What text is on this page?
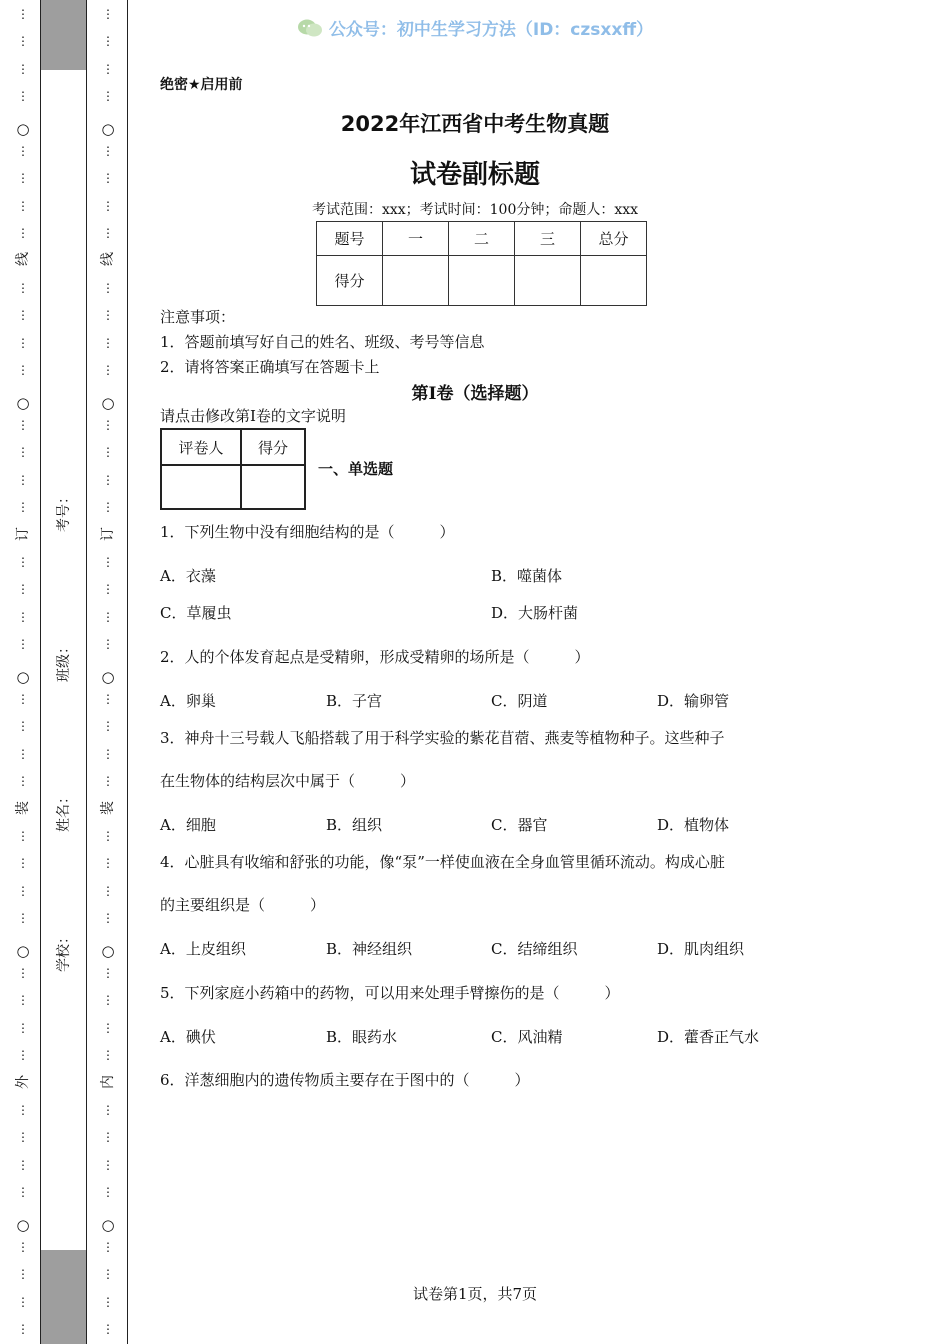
线
订
装
外
⋮
⋮
⋮
⋮
⋮
⋮
⋮
⋮
⋮
⋮
⋮
⋮
⋮
⋮
⋮
⋮
⋮
⋮
⋮
⋮
⋮
⋮
⋮
⋮
⋮
⋮
⋮
⋮
⋮
⋮
⋮
⋮
⋮
⋮
⋮
⋮
⋮
⋮
⋮
⋮
○
○
○
○
○
线
订
装
内
⋮
⋮
⋮
⋮
⋮
⋮
⋮
⋮
⋮
⋮
⋮
⋮
⋮
⋮
⋮
⋮
⋮
⋮
⋮
⋮
⋮
⋮
⋮
⋮
⋮
⋮
⋮
⋮
⋮
⋮
⋮
⋮
⋮
⋮
⋮
⋮
⋮
⋮
⋮
⋮
○
○
○
○
○
考号：
班级：
姓名：
学校：
公众号：初中生学习方法（ID：czsxxff）
绝密★启用前
2022年江西省中考生物真题
试卷副标题
考试范围：xxx；考试时间：100分钟；命题人：xxx
题号	一	二	三	总分
得分				
注意事项：
1．答题前填写好自己的姓名、班级、考号等信息
2．请将答案正确填写在答题卡上
第I卷（选择题）
请点击修改第I卷的文字说明
评卷人	得分

一、单选题
1．下列生物中没有细胞结构的是（　　　）
A．衣藻	B．噬菌体
C．草履虫	D．大肠杆菌
2．人的个体发育起点是受精卵，形成受精卵的场所是（　　　）
A．卵巢	B．子宫	C．阴道	D．输卵管
3．神舟十三号载人飞船搭载了用于科学实验的紫花苜蓿、燕麦等植物种子。这些种子
在生物体的结构层次中属于（　　　）
A．细胞	B．组织	C．器官	D．植物体
4．心脏具有收缩和舒张的功能，像“泵”一样使血液在全身血管里循环流动。构成心脏
的主要组织是（　　　）
A．上皮组织	B．神经组织	C．结缔组织	D．肌肉组织
5．下列家庭小药箱中的药物，可以用来处理手臂擦伤的是（　　　）
A．碘伏	B．眼药水	C．风油精	D．藿香正气水
6．洋葱细胞内的遗传物质主要存在于图中的（　　　）
试卷第1页，共7页
